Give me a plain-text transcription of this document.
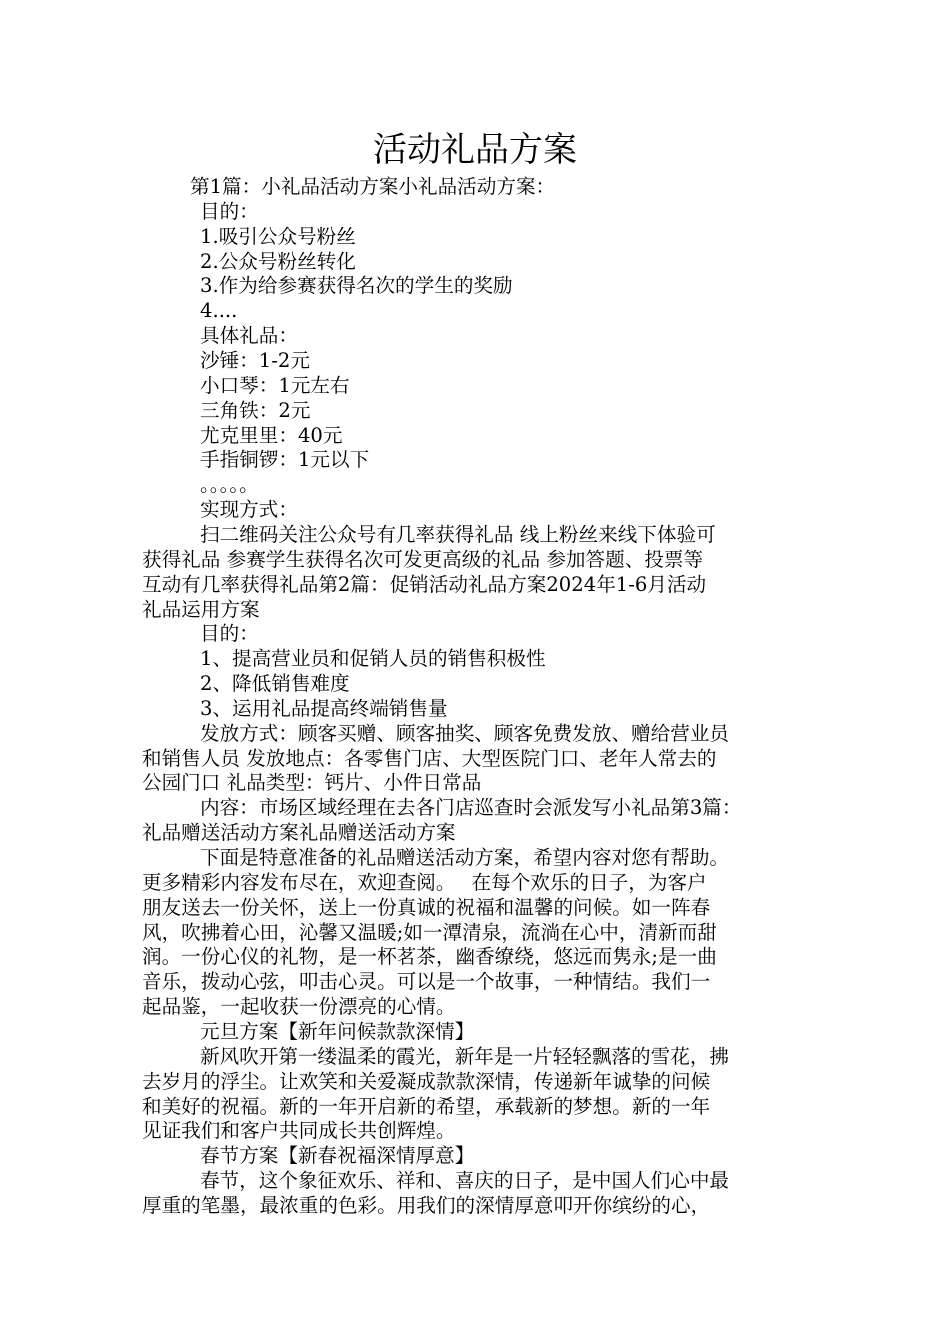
活动礼品方案
第1篇：小礼品活动方案小礼品活动方案：
目的：
1.吸引公众号粉丝
2.公众号粉丝转化
3.作为给参赛获得名次的学生的奖励
4....
具体礼品：
沙锤：1-2元
小口琴：1元左右
三角铁：2元
尤克里里：40元
手指铜锣：1元以下
。。。。。
实现方式：
扫二维码关注公众号有几率获得礼品 线上粉丝来线下体验可
获得礼品 参赛学生获得名次可发更高级的礼品 参加答题、投票等
互动有几率获得礼品第2篇：促销活动礼品方案2024年1-6月活动
礼品运用方案
目的：
1、提高营业员和促销人员的销售积极性
2、降低销售难度
3、运用礼品提高终端销售量
发放方式：顾客买赠、顾客抽奖、顾客免费发放、赠给营业员
和销售人员 发放地点：各零售门店、大型医院门口、老年人常去的
公园门口 礼品类型：钙片、小件日常品
内容：市场区域经理在去各门店巡查时会派发写小礼品第3篇：
礼品赠送活动方案礼品赠送活动方案
下面是特意准备的礼品赠送活动方案，希望内容对您有帮助。
更多精彩内容发布尽在，欢迎查阅。　 在每个欢乐的日子，为客户
朋友送去一份关怀，送上一份真诚的祝福和温馨的问候。如一阵春
风，吹拂着心田，沁馨又温暖;如一潭清泉，流淌在心中，清新而甜
润。一份心仪的礼物，是一杯茗茶，幽香缭绕，悠远而隽永;是一曲
音乐，拨动心弦，叩击心灵。可以是一个故事，一种情结。我们一
起品鉴，一起收获一份漂亮的心情。
元旦方案【新年问候款款深情】
新风吹开第一缕温柔的霞光，新年是一片轻轻飘落的雪花，拂
去岁月的浮尘。让欢笑和关爱凝成款款深情，传递新年诚挚的问候
和美好的祝福。新的一年开启新的希望，承载新的梦想。新的一年
见证我们和客户共同成长共创辉煌。
春节方案【新春祝福深情厚意】
春节，这个象征欢乐、祥和、喜庆的日子，是中国人们心中最
厚重的笔墨，最浓重的色彩。用我们的深情厚意叩开你缤纷的心，
